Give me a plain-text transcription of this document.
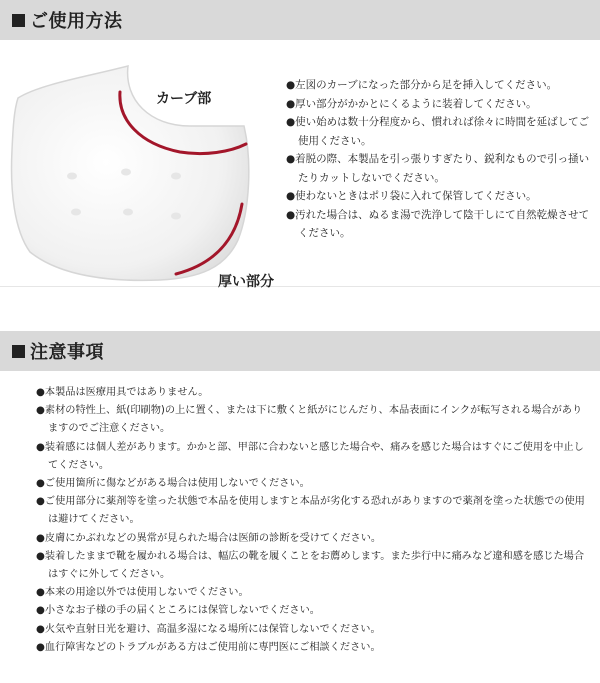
ご使用方法
カーブ部
厚い部分
●左図のカーブになった部分から足を挿入してください。
●厚い部分がかかとにくるように装着してください。
●使い始めは数十分程度から、慣れれば徐々に時間を延ばしてご使用ください。
●着脱の際、本製品を引っ張りすぎたり、鋭利なもので引っ掻いたりカットしないでください。
●使わないときはポリ袋に入れて保管してください。
●汚れた場合は、ぬるま湯で洗浄して陰干しにて自然乾燥させてください。
注意事項
●本製品は医療用具ではありません。
●素材の特性上、紙(印刷物)の上に置く、または下に敷くと紙がにじんだり、本品表面にインクが転写される場合がありますのでご注意ください。
●装着感には個人差があります。かかと部、甲部に合わないと感じた場合や、痛みを感じた場合はすぐにご使用を中止してください。
●ご使用箇所に傷などがある場合は使用しないでください。
●ご使用部分に薬剤等を塗った状態で本品を使用しますと本品が劣化する恐れがありますので薬剤を塗った状態での使用は避けてください。
●皮膚にかぶれなどの異常が見られた場合は医師の診断を受けてください。
●装着したままで靴を履かれる場合は、幅広の靴を履くことをお薦めします。また歩行中に痛みなど違和感を感じた場合はすぐに外してください。
●本来の用途以外では使用しないでください。
●小さなお子様の手の届くところには保管しないでください。
●火気や直射日光を避け、高温多湿になる場所には保管しないでください。
●血行障害などのトラブルがある方はご使用前に専門医にご相談ください。
